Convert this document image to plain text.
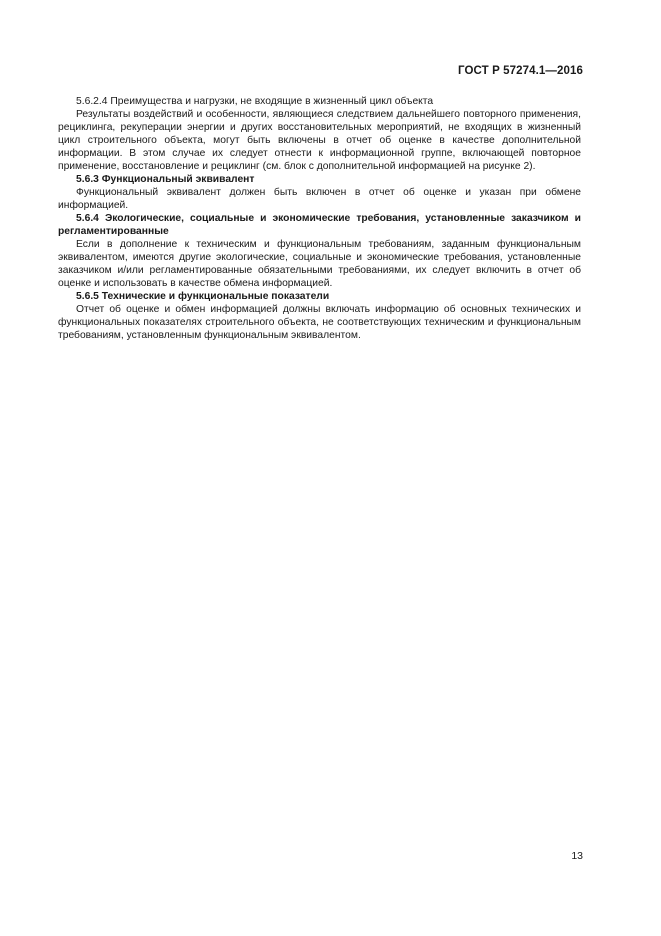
ГОСТ Р 57274.1—2016

5.6.2.4 Преимущества и нагрузки, не входящие в жизненный цикл объекта

Результаты воздействий и особенности, являющиеся следствием дальнейшего повторного применения, рециклинга, рекуперации энергии и других восстановительных мероприятий, не входящих в жизненный цикл строительного объекта, могут быть включены в отчет об оценке в качестве дополнительной информации. В этом случае их следует отнести к информационной группе, включающей повторное применение, восстановление и рециклинг (см. блок с дополнительной информацией на рисунке 2).

5.6.3 Функциональный эквивалент

Функциональный эквивалент должен быть включен в отчет об оценке и указан при обмене информацией.

5.6.4 Экологические, социальные и экономические требования, установленные заказчиком и регламентированные

Если в дополнение к техническим и функциональным требованиям, заданным функциональным эквивалентом, имеются другие экологические, социальные и экономические требования, установленные заказчиком и/или регламентированные обязательными требованиями, их следует включить в отчет об оценке и использовать в качестве обмена информацией.

5.6.5 Технические и функциональные показатели

Отчет об оценке и обмен информацией должны включать информацию об основных технических и функциональных показателях строительного объекта, не соответствующих техническим и функциональным требованиям, установленным функциональным эквивалентом.

13
